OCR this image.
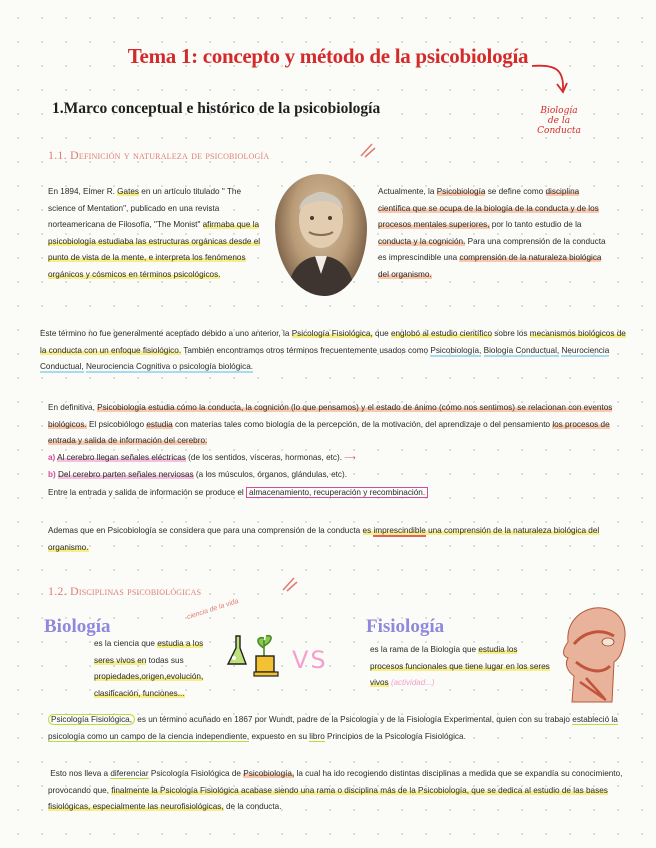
Tema 1: concepto y método de la psicobiología

Biología
de la
Conducta

1.Marco conceptual e histórico de la psicobiología
1.1. Definición y naturaleza de psicobiología
En 1894, Elmer R. Gates en un artículo titulado " The science of Mentation", publicado en una revista norteamericana de Filosofía, "The Monist" afirmaba que la psicobiología estudiaba las estructuras orgánicas desde el punto de vista de la mente, e interpreta los fenómenos orgánicos y cósmicos en términos psicológicos.
Actualmente, la Psicobiología se define como disciplina científica que se ocupa de la biología de la conducta y de los procesos mentales superiores, por lo tanto estudio de la conducta y la cognición. Para una comprensión de la conducta es imprescindible una comprensión de la naturaleza biológica del organismo.
Este término no fue generalmente aceptado debido a uno anterior, la Psicología Fisiológica, que englobó al estudio científico sobre los mecanismos biológicos de la conducta con un enfoque fisiológico. También encontramos otros términos frecuentemente usados como Psicobiología, Biología Conductual, Neurociencia Conductual, Neurociencia Cognitiva o psicología biológica.
En definitiva, Psicobiología estudia cómo la conducta, la cognición (lo que pensamos) y el estado de ánimo (cómo nos sentimos) se relacionan con eventos biológicos. El psicobiólogo estudia con materias tales como biología de la percepción, de la motivación, del aprendizaje o del pensamiento los procesos de entrada y salida de información del cerebro:
a) Al cerebro llegan señales eléctricas (de los sentidos, vísceras, hormonas, etc). ⟶
b) Del cerebro parten señales nerviosas (a los músculos, órganos, glándulas, etc).
Entre la entrada y salida de información se produce el almacenamiento, recuperación y recombinación.
Ademas que en Psicobiología se considera que para una comprensión de la conducta es imprescindible una comprensión de la naturaleza biológica del organismo.
1.2. Disciplinas psicobiológicas
Biología
ciencia de la vida
es la ciencia que estudia a los seres vivos en todas sus propiedades,origen,evolución, clasificación, funciones...
VS
Fisiología
es la rama de la Biología que estudia los procesos funcionales que tiene lugar en los seres vivos (actividad...)
Psicología Fisiológica, es un término acuñado en 1867 por Wundt, padre de la Psicología y de la Fisiología Experimental, quien con su trabajo estableció la psicología como un campo de la ciencia independiente, expuesto en su libro Principios de la Psicología Fisiológica.
Esto nos lleva a diferenciar Psicología Fisiológica de Psicobiología, la cual ha ido recogiendo distintas disciplinas a medida que se expandía su conocimiento, provocando que, finalmente la Psicología Fisiológica acabase siendo una rama o disciplina más de la Psicobiología, que se dedica al estudio de las bases fisiológicas, especialmente las neurofisiológicas, de la conducta.
